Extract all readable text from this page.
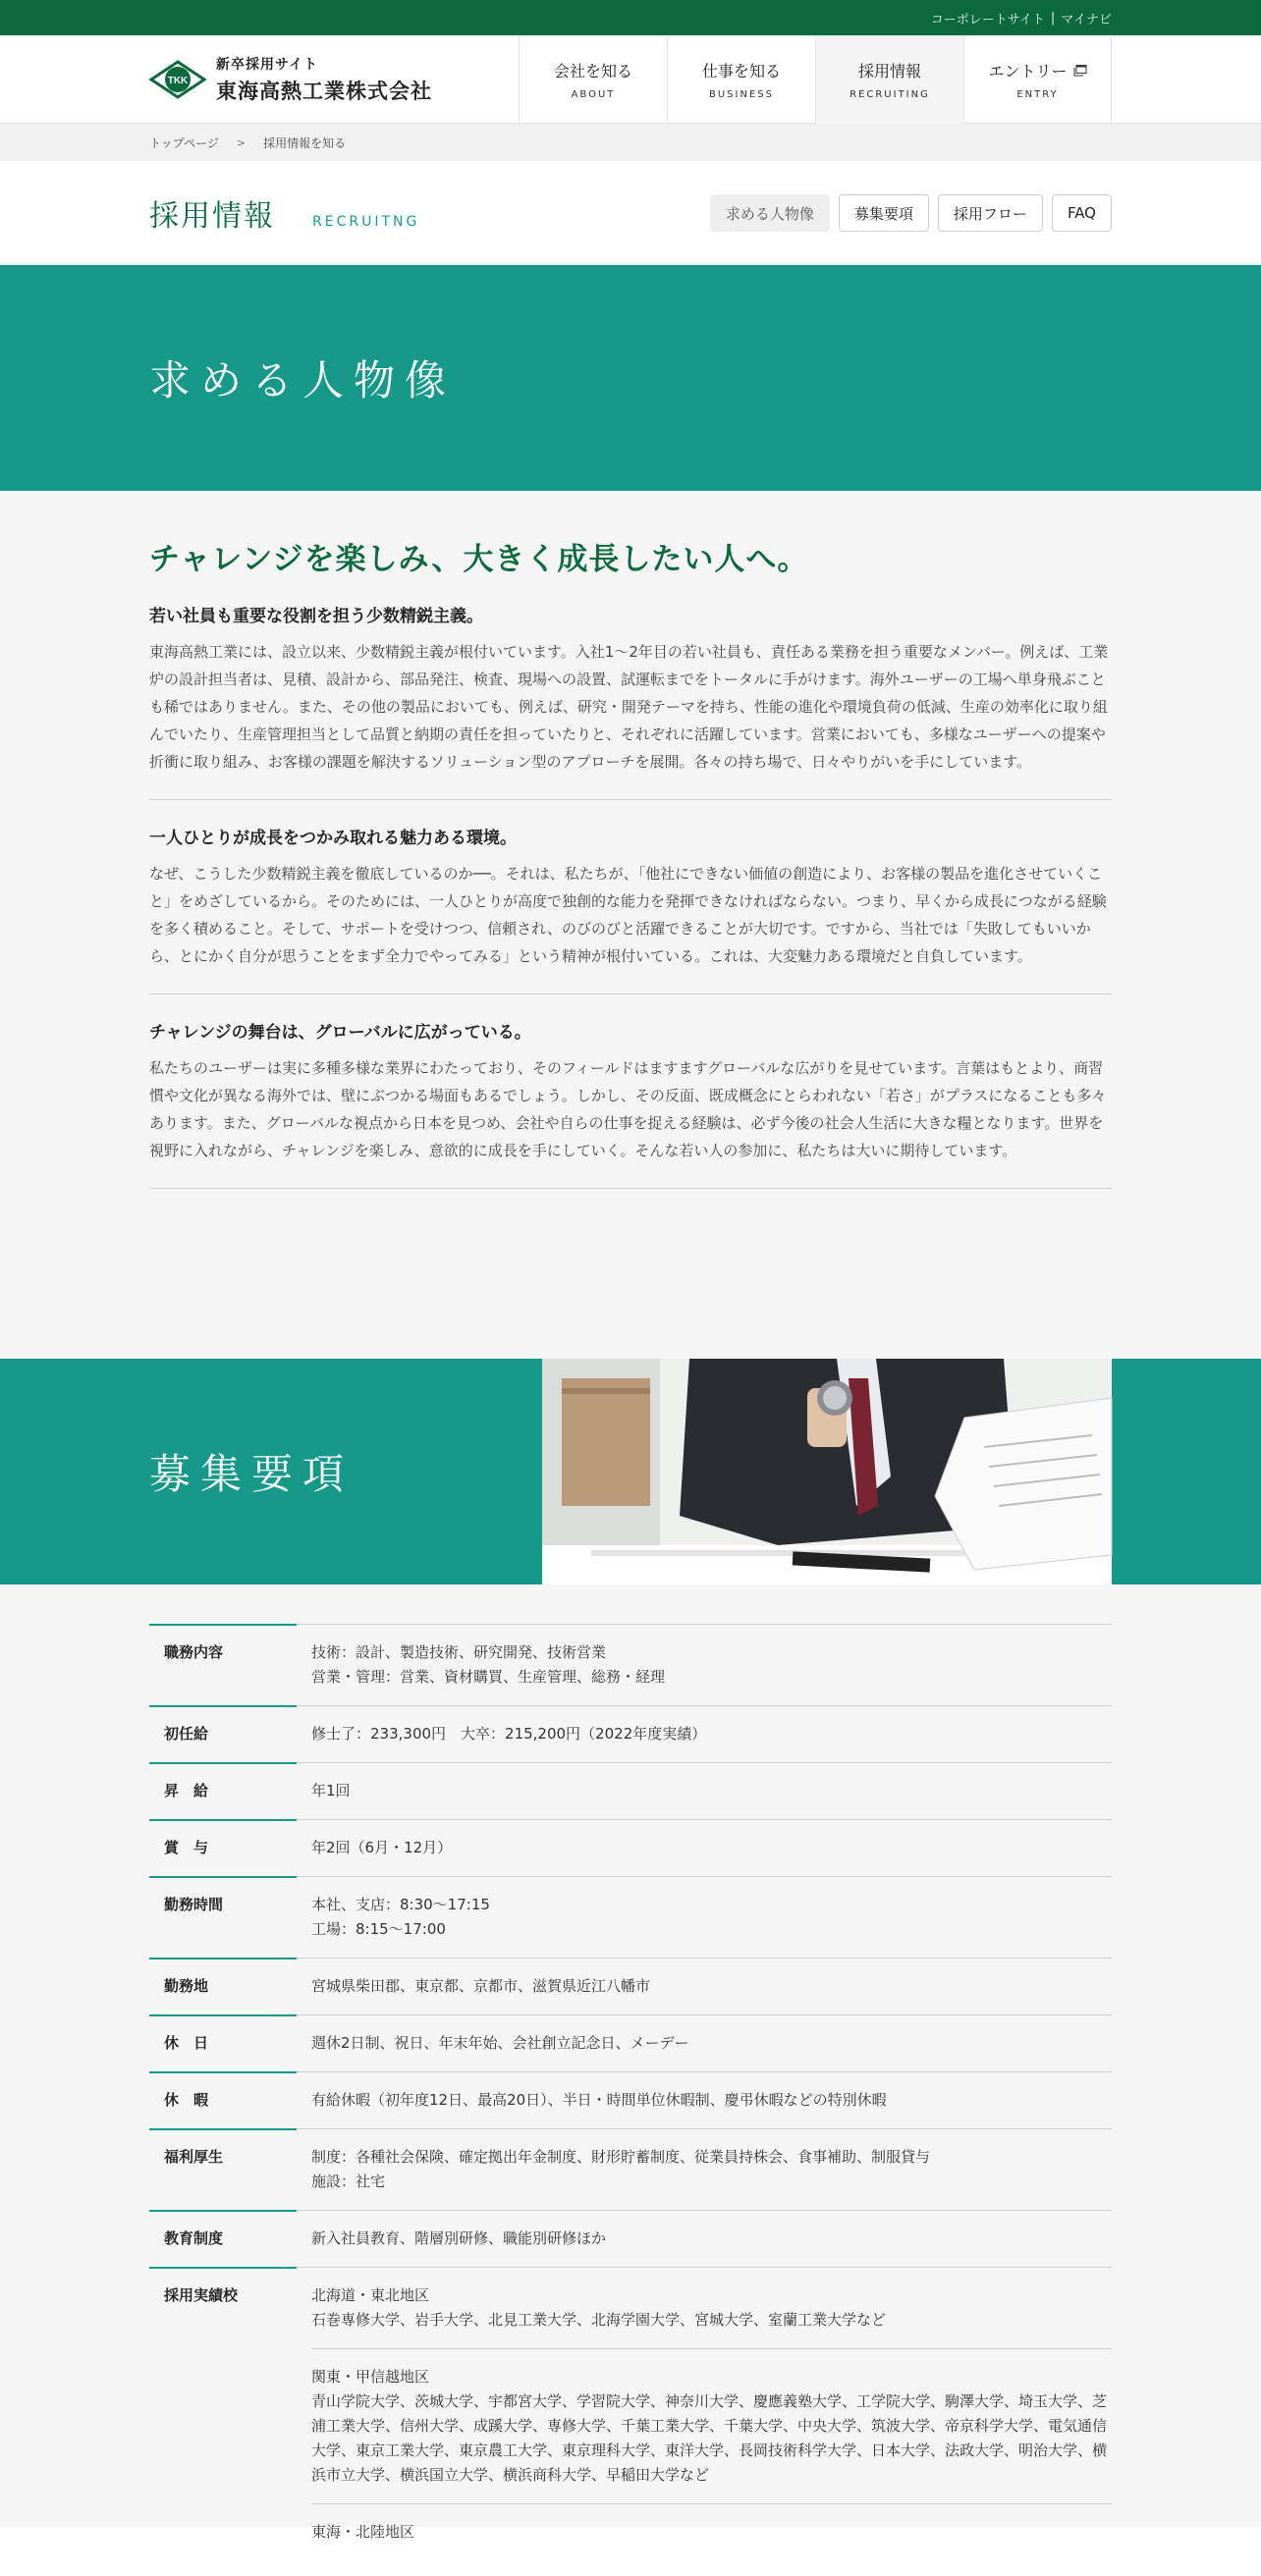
コーポレートサイト | マイナビ
TKK
新卒採用サイト
東海高熱工業株式会社
会社を知る
ABOUT
仕事を知る
BUSINESS
採用情報
RECRUITING
エントリー
ENTRY
トップページ > 採用情報を知る
採用情報	RECRUITNG	求める人物像	募集要項	採用フロー	FAQ
求める人物像
チャレンジを楽しみ、大きく成長したい人へ。
若い社員も重要な役割を担う少数精鋭主義。

東海高熱工業には、設立以来、少数精鋭主義が根付いています。入社1～2年目の若い社員も、責任ある業務を担う重要なメンバー。例えば、工業炉の設計担当者は、見積、設計から、部品発注、検査、現場への設置、試運転までをトータルに手がけます。海外ユーザーの工場へ単身飛ぶことも稀ではありません。また、その他の製品においても、例えば、研究・開発テーマを持ち、性能の進化や環境負荷の低減、生産の効率化に取り組んでいたり、生産管理担当として品質と納期の責任を担っていたりと、それぞれに活躍しています。営業においても、多様なユーザーへの提案や折衝に取り組み、お客様の課題を解決するソリューション型のアプローチを展開。各々の持ち場で、日々やりがいを手にしています。

一人ひとりが成長をつかみ取れる魅力ある環境。

なぜ、こうした少数精鋭主義を徹底しているのか──。それは、私たちが、「他社にできない価値の創造により、お客様の製品を進化させていくこと」をめざしているから。そのためには、一人ひとりが高度で独創的な能力を発揮できなければならない。つまり、早くから成長につながる経験を多く積めること。そして、サポートを受けつつ、信頼され、のびのびと活躍できることが大切です。ですから、当社では「失敗してもいいから、とにかく自分が思うことをまず全力でやってみる」という精神が根付いている。これは、大変魅力ある環境だと自負しています。

チャレンジの舞台は、グローバルに広がっている。

私たちのユーザーは実に多種多様な業界にわたっており、そのフィールドはますますグローバルな広がりを見せています。言葉はもとより、商習慣や文化が異なる海外では、壁にぶつかる場面もあるでしょう。しかし、その反面、既成概念にとらわれない「若さ」がプラスになることも多々あります。また、グローバルな視点から日本を見つめ、会社や自らの仕事を捉える経験は、必ず今後の社会人生活に大きな糧となります。世界を視野に入れながら、チャレンジを楽しみ、意欲的に成長を手にしていく。そんな若い人の参加に、私たちは大いに期待しています。

募集要項
職務内容	技術：設計、製造技術、研究開発、技術営業
営業・管理：営業、資材購買、生産管理、総務・経理
初任給	修士了：233,300円　大卒：215,200円（2022年度実績）
昇　給	年1回
賞　与	年2回（6月・12月）
勤務時間	本社、支店：8:30～17:15
工場：8:15～17:00
勤務地	宮城県柴田郡、東京都、京都市、滋賀県近江八幡市
休　日	週休2日制、祝日、年末年始、会社創立記念日、メーデー
休　暇	有給休暇（初年度12日、最高20日）、半日・時間単位休暇制、慶弔休暇などの特別休暇
福利厚生	制度：各種社会保険、確定拠出年金制度、財形貯蓄制度、従業員持株会、食事補助、制服貸与
施設：社宅
教育制度	新入社員教育、階層別研修、職能別研修ほか
採用実績校	北海道・東北地区
石巻専修大学、岩手大学、北見工業大学、北海学園大学、宮城大学、室蘭工業大学など
関東・甲信越地区
青山学院大学、茨城大学、宇都宮大学、学習院大学、神奈川大学、慶應義塾大学、工学院大学、駒澤大学、埼玉大学、芝浦工業大学、信州大学、成蹊大学、専修大学、千葉工業大学、千葉大学、中央大学、筑波大学、帝京科学大学、電気通信大学、東京工業大学、東京農工大学、東京理科大学、東洋大学、長岡技術科学大学、日本大学、法政大学、明治大学、横浜市立大学、横浜国立大学、横浜商科大学、早稲田大学など
東海・北陸地区
